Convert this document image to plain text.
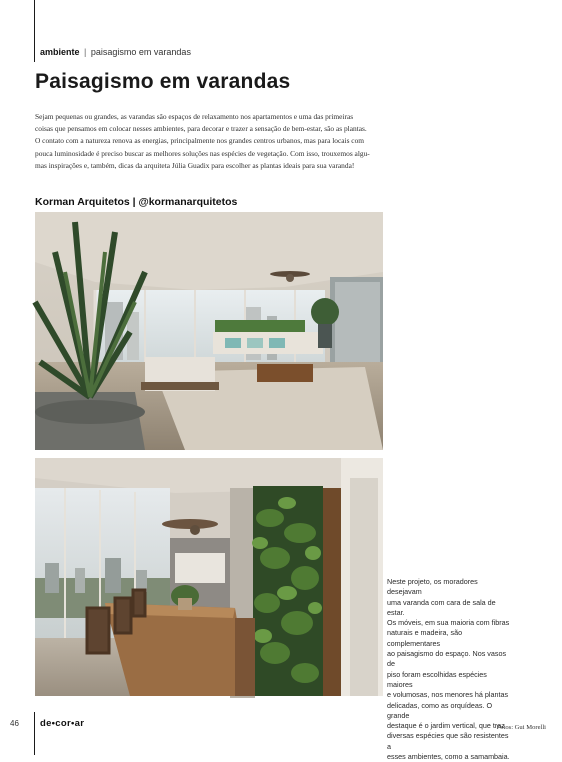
ambiente | paisagismo em varandas
Paisagismo em varandas
Sejam pequenas ou grandes, as varandas são espaços de relaxamento nos apartamentos e uma das primeiras
coisas que pensamos em colocar nesses ambientes, para decorar e trazer a sensação de bem-estar, são as plantas.
O contato com a natureza renova as energias, principalmente nos grandes centros urbanos, mas para locais com
pouca luminosidade é preciso buscar as melhores soluções nas espécies de vegetação. Com isso, trouxemos algu-
mas inspirações e, também, dicas da arquiteta Júlia Guadix para escolher as plantas ideais para sua varanda!
Korman Arquitetos | @kormanarquitetos
Neste projeto, os moradores desejavam
uma varanda com cara de sala de estar.
Os móveis, em sua maioria com fibras
naturais e madeira, são complementares
ao paisagismo do espaço. Nos vasos de
piso foram escolhidas espécies maiores
e volumosas, nos menores há plantas
delicadas, como as orquídeas. O grande
destaque é o jardim vertical, que traz
diversas espécies que são resistentes a
esses ambientes, como a samambaia.
46 de•cor•ar	Fotos: Gui Morelli
